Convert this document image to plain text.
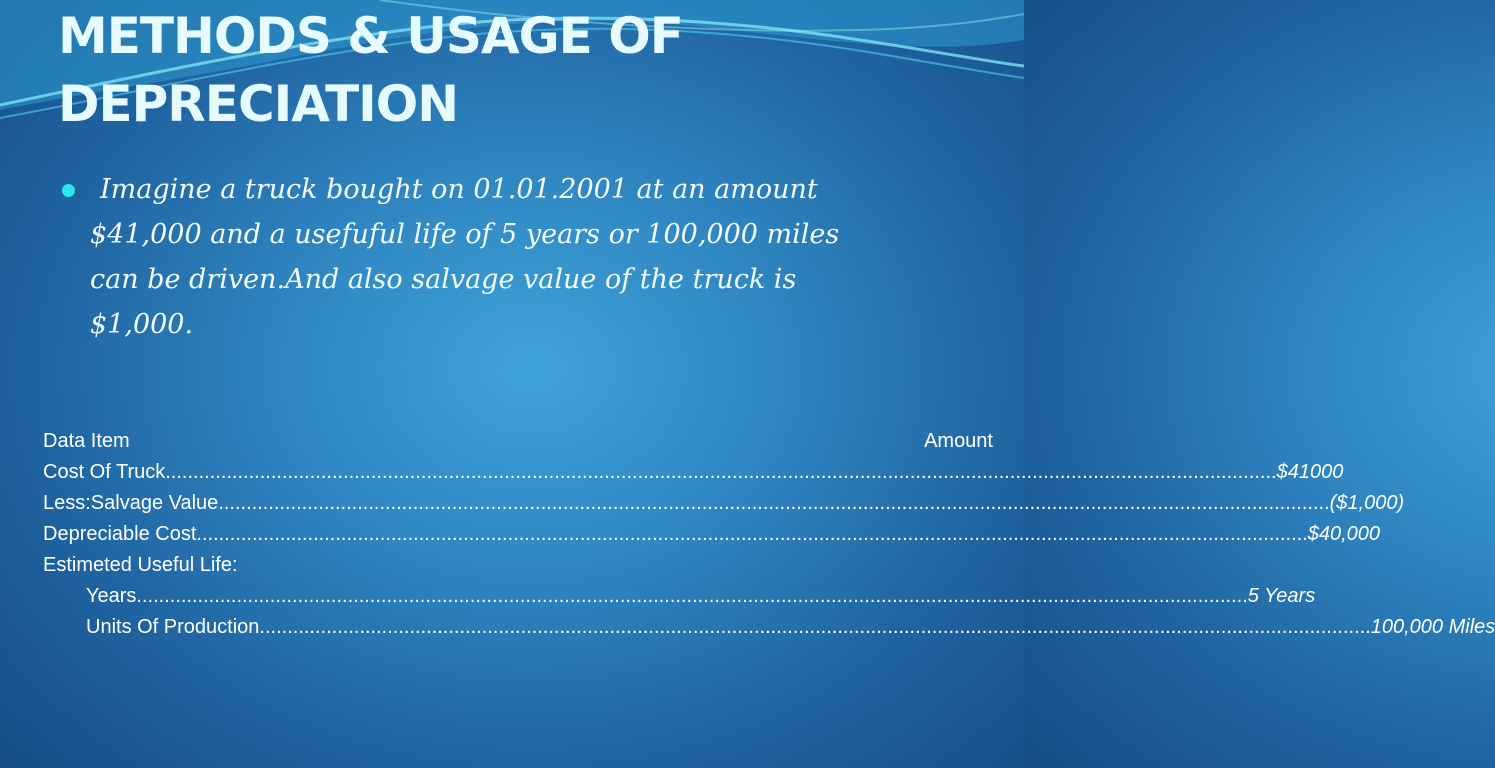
METHODS & USAGE OF
DEPRECIATION

Imagine a truck bought on 01.01.2001 at an amount
$41,000 and a usefuful life of 5 years or 100,000 miles
can be driven.And also salvage value of the truck is
$1,000.

Data Item	Amount
Cost Of Truck ........................................................................................................................................................................................................ $41000
Less:Salvage Value ........................................................................................................................................................................................................ ($1,000)
Depreciable Cost ........................................................................................................................................................................................................ $40,000
Estimeted Useful Life:
Years ........................................................................................................................................................................................................ 5 Years
Units Of Production ........................................................................................................................................................................................................ 100,000 Miles
